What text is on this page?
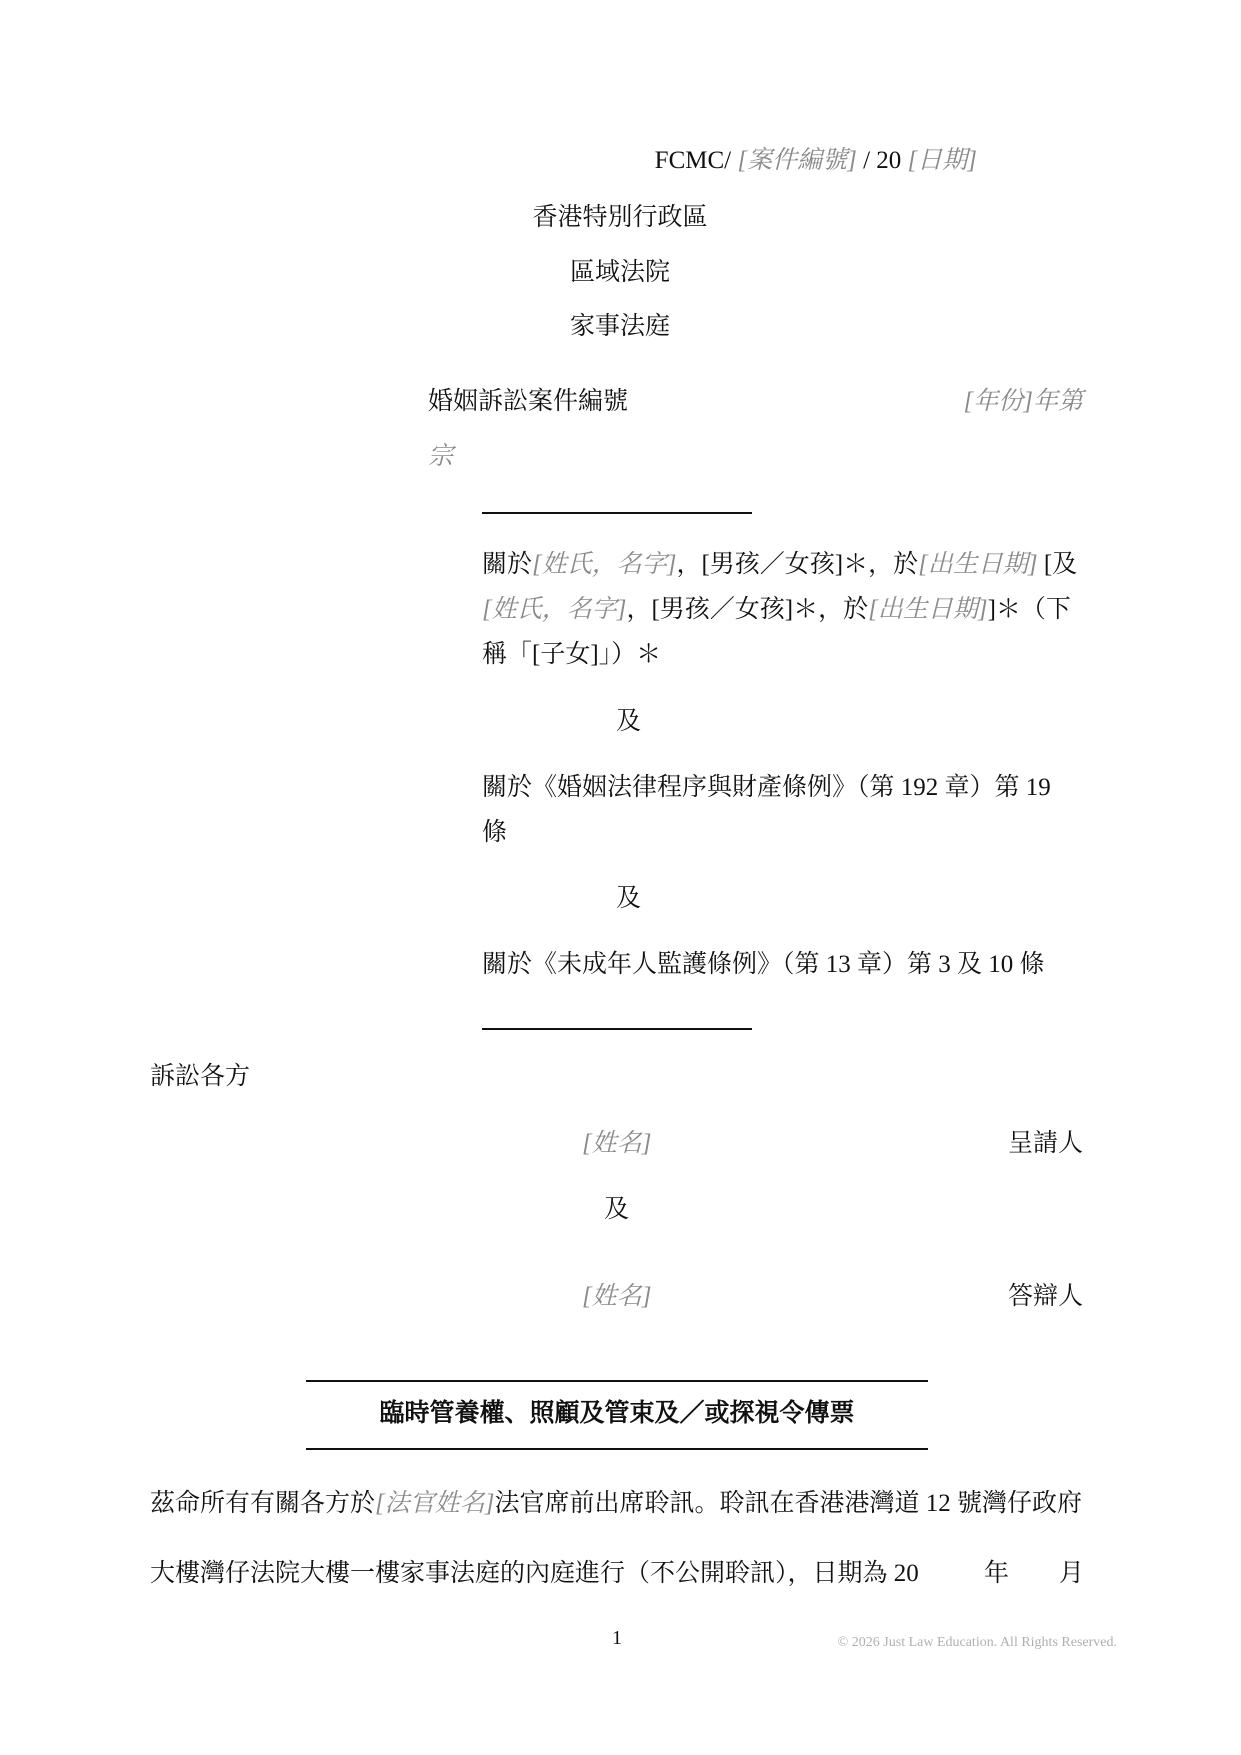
FCMC/ [案件編號] / 20 [日期]

香港特別行政區

區域法院

家事法庭

婚姻訴訟案件編號	[年份]年第

宗

關於[姓氏，名字]，[男孩／女孩]＊，於[出生日期] [及

[姓氏，名字]，[男孩／女孩]＊，於[出生日期]]＊（下

稱「[子女]」）＊

及

關於《婚姻法律程序與財產條例》（第 192 章）第 19

條

及

關於《未成年人監護條例》（第 13 章）第 3 及 10 條

訴訟各方

[姓名]	呈請人

及

[姓名]	答辯人

臨時管養權、照顧及管束及／或探視令傳票

茲命所有有關各方於[法官姓名]法官席前出席聆訊。聆訊在香港港灣道 12 號灣仔政府

大樓灣仔法院大樓一樓家事法庭的內庭進行（不公開聆訊），日期為 20	年 月

1	© 2026 Just Law Education. All Rights Reserved.
